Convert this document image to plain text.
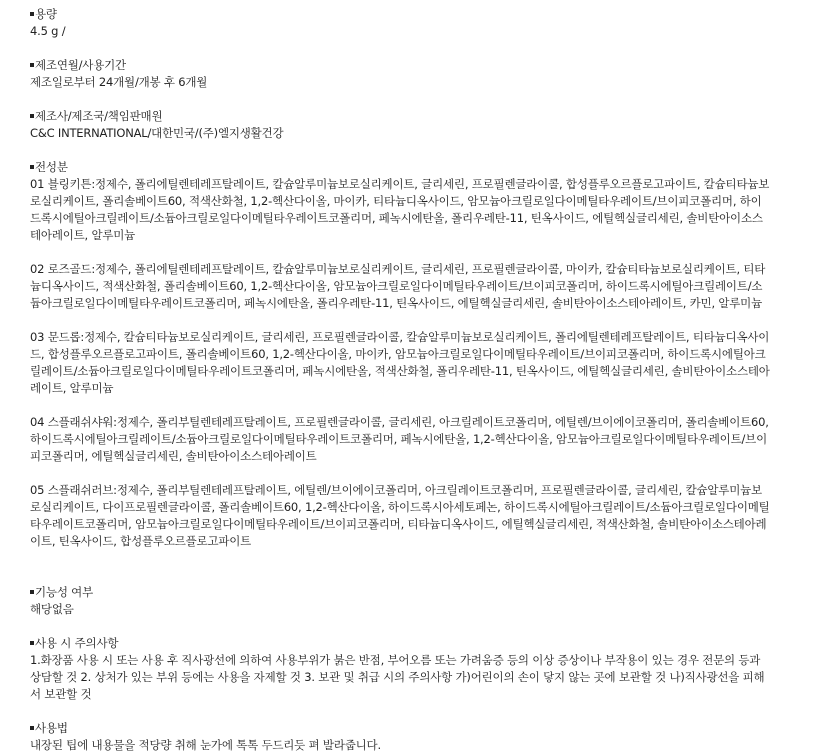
용량
4.5 g /
제조연월/사용기간
제조일로부터 24개월/개봉 후 6개월
제조사/제조국/책임판매원
C&C INTERNATIONAL/대한민국/(주)엘지생활건강
전성분
01 블링키튼:정제수, 폴리에틸렌테레프탈레이트, 칼슘알루미늄보로실리케이트, 글리세린, 프로필렌글라이콜, 합성플루오르플로고파이트, 칼슘티타늄보로실리케이트, 폴리솔베이트60, 적색산화철, 1,2-헥산다이올, 마이카, 티타늄디옥사이드, 암모늄아크릴로일다이메틸타우레이트/브이피코폴리머, 하이드록시에틸아크릴레이트/소듐아크릴로일다이메틸타우레이트코폴리머, 페녹시에탄올, 폴리우레탄-11, 틴옥사이드, 에틸헥실글리세린, 솔비탄아이소스테아레이트, 알루미늄
02 로즈골드:정제수, 폴리에틸렌테레프탈레이트, 칼슘알루미늄보로실리케이트, 글리세린, 프로필렌글라이콜, 마이카, 칼슘티타늄보로실리케이트, 티타늄디옥사이드, 적색산화철, 폴리솔베이트60, 1,2-헥산다이올, 암모늄아크릴로일다이메틸타우레이트/브이피코폴리머, 하이드록시에틸아크릴레이트/소듐아크릴로일다이메틸타우레이트코폴리머, 페녹시에탄올, 폴리우레탄-11, 틴옥사이드, 에틸헥실글리세린, 솔비탄아이소스테아레이트, 카민, 알루미늄
03 문드롭:정제수, 칼슘티타늄보로실리케이트, 글리세린, 프로필렌글라이콜, 칼슘알루미늄보로실리케이트, 폴리에틸렌테레프탈레이트, 티타늄디옥사이드, 합성플루오르플로고파이트, 폴리솔베이트60, 1,2-헥산다이올, 마이카, 암모늄아크릴로일다이메틸타우레이트/브이피코폴리머, 하이드록시에틸아크릴레이트/소듐아크릴로일다이메틸타우레이트코폴리머, 페녹시에탄올, 적색산화철, 폴리우레탄-11, 틴옥사이드, 에틸헥실글리세린, 솔비탄아이소스테아레이트, 알루미늄
04 스플래쉬샤워:정제수, 폴리부틸렌테레프탈레이트, 프로필렌글라이콜, 글리세린, 아크릴레이트코폴리머, 에틸렌/브이에이코폴리머, 폴리솔베이트60, 하이드록시에틸아크릴레이트/소듐아크릴로일다이메틸타우레이트코폴리머, 페녹시에탄올, 1,2-헥산다이올, 암모늄아크릴로일다이메틸타우레이트/브이피코폴리머, 에틸헥실글리세린, 솔비탄아이소스테아레이트
05 스플래쉬러브:정제수, 폴리부틸렌테레프탈레이트, 에틸렌/브이에이코폴리머, 아크릴레이트코폴리머, 프로필렌글라이콜, 글리세린, 칼슘알루미늄보로실리케이트, 다이프로필렌글라이콜, 폴리솔베이트60, 1,2-헥산다이올, 하이드록시아세토페논, 하이드록시에틸아크릴레이트/소듐아크릴로일다이메틸타우레이트코폴리머, 암모늄아크릴로일다이메틸타우레이트/브이피코폴리머, 티타늄디옥사이드, 에틸헥실글리세린, 적색산화철, 솔비탄아이소스테아레이트, 틴옥사이드, 합성플루오르플로고파이트
기능성 여부
해당없음
사용 시 주의사항
1.화장품 사용 시 또는 사용 후 직사광선에 의하여 사용부위가 붉은 반점, 부어오름 또는 가려움증 등의 이상 증상이나 부작용이 있는 경우 전문의 등과 상담할 것 2. 상처가 있는 부위 등에는 사용을 자제할 것 3. 보관 및 취급 시의 주의사항 가)어린이의 손이 닿지 않는 곳에 보관할 것 나)직사광선을 피해서 보관할 것
사용법
내장된 팁에 내용물을 적당량 취해 눈가에 톡톡 두드리듯 펴 발라줍니다.
